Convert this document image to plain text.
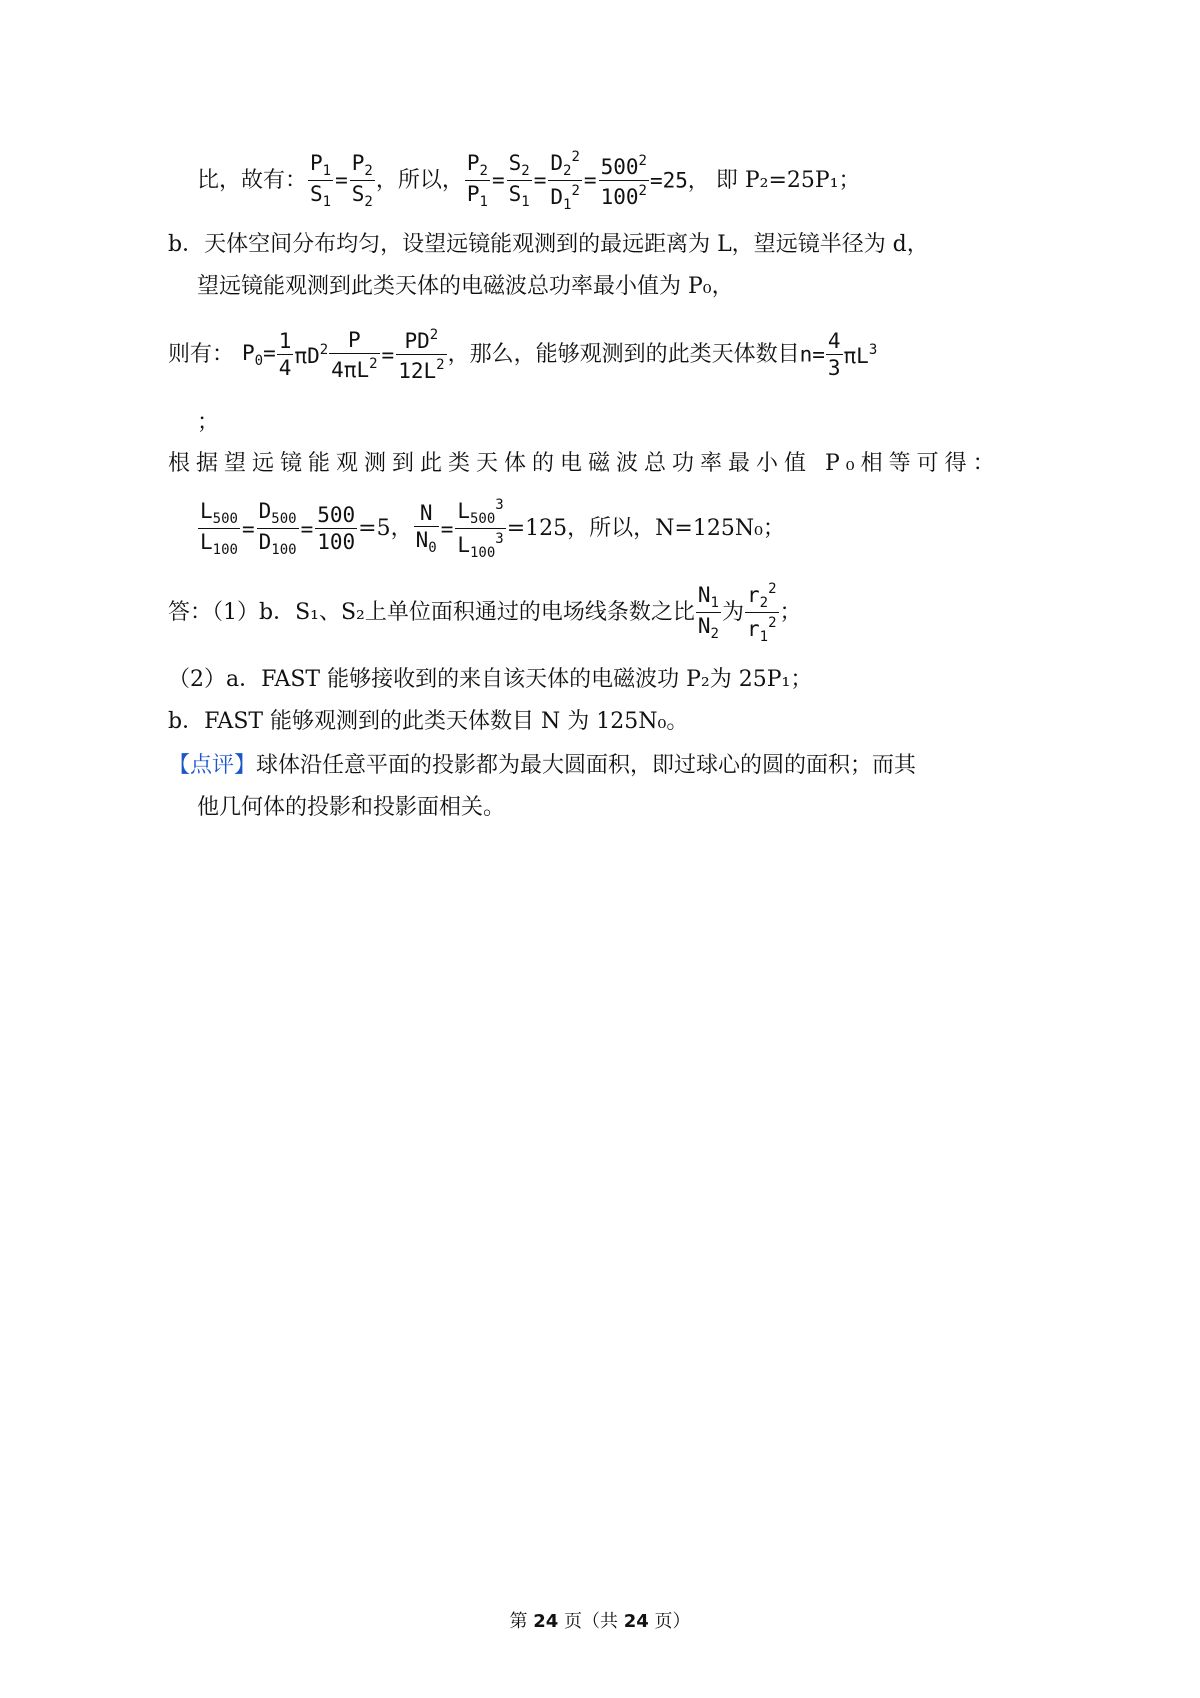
比，故有： $\frac{P_1}{S_1} = \frac{P_2}{S_2}$ ，所以， $\frac{P_2}{P_1} = \frac{S_2}{S_1} = \frac{D_2^2}{D_1^2} = \frac{500^2}{100^2} =25$， 即 P₂=25P₁；
b．天体空间分布均匀，设望远镜能观测到的最远距离为 L，望远镜半径为 d，
望远镜能观测到此类天体的电磁波总功率最小值为 P₀，
则有： $P_0= \frac{1}{4} \pi D^2 \frac{P}{4\pi L^2} = \frac{PD^2}{12L^2}$ ，那么，能够观测到的此类天体数目$n= \frac{4}{3} \pi L^3$
；
根据望远镜能观测到此类天体的电磁波总功率最小值 P₀相等可得：
$\frac{L_{500}}{L_{100}} = \frac{D_{500}}{D_{100}} = \frac{500}{100} =5$， $\frac{N}{N_0} = \frac{L_{500}^3}{L_{100}^3} =125$，所以，N=125N₀；
答：（1）b．S₁、S₂上单位面积通过的电场线条数之比 $\frac{N_1}{N_2}$ 为 $\frac{r_2^2}{r_1^2}$ ；
（2）a．FAST 能够接收到的来自该天体的电磁波功 P₂为 25P₁；
b．FAST 能够观测到的此类天体数目 N 为 125N₀。
【点评】球体沿任意平面的投影都为最大圆面积，即过球心的圆的面积；而其
他几何体的投影和投影面相关。
第 24 页（共 24 页）
